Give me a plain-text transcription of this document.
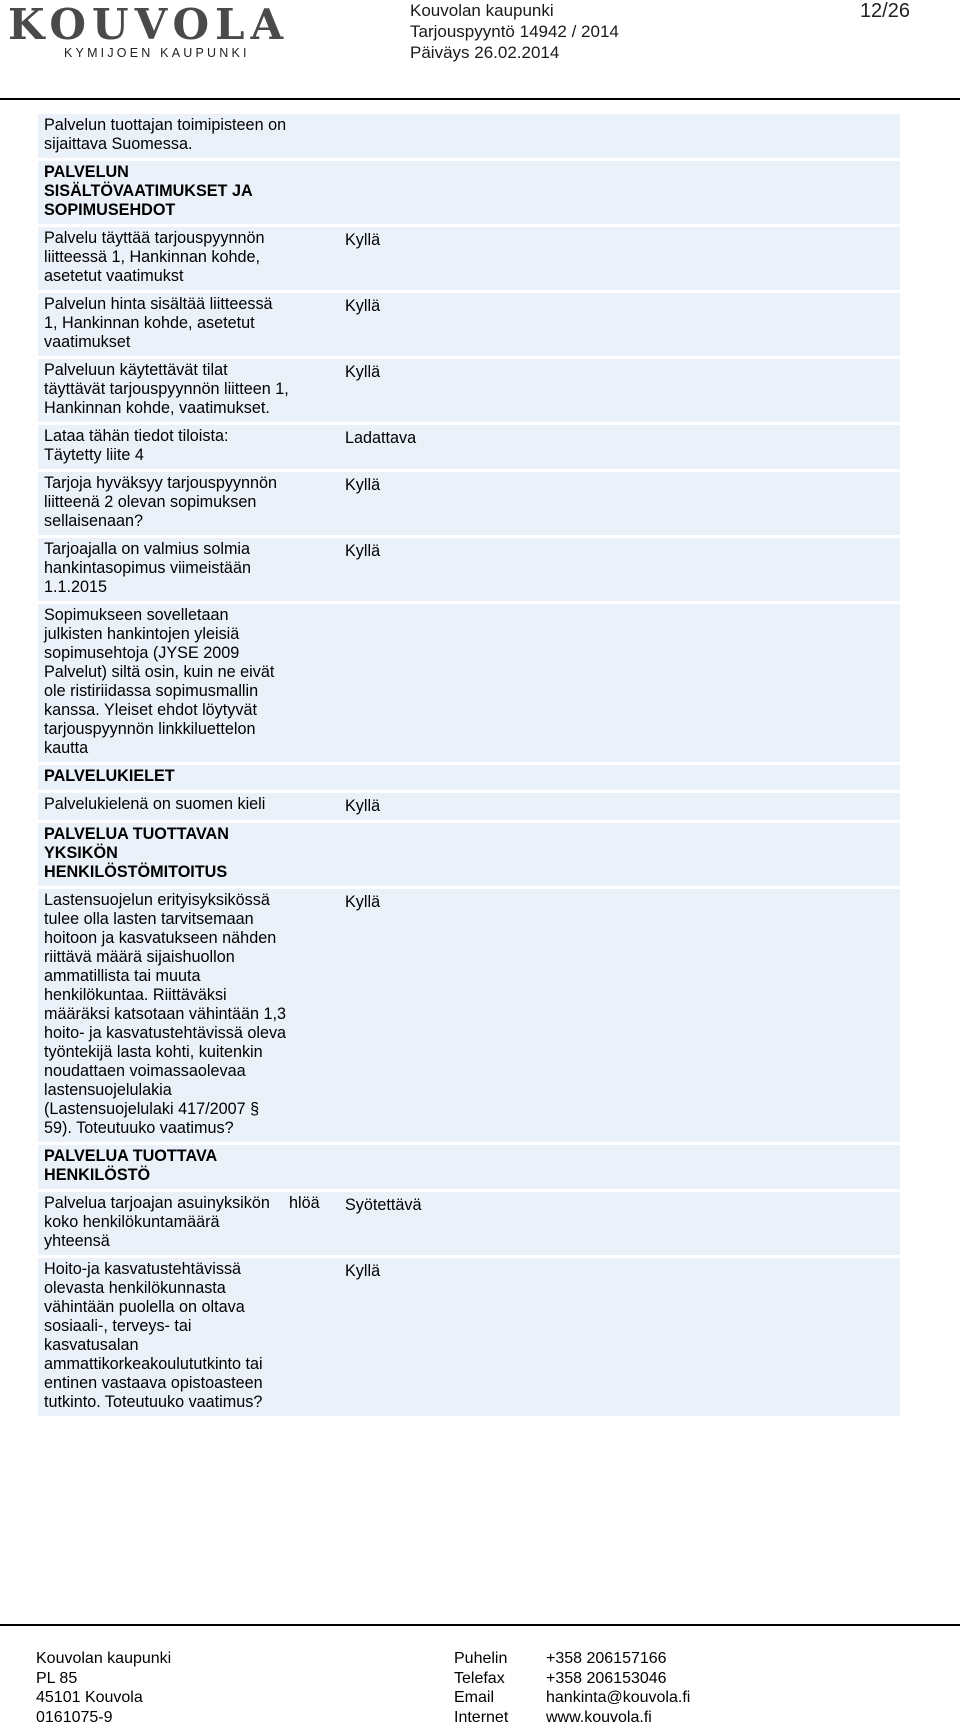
KOUVOLA
KYMIJOEN KAUPUNKI
Kouvolan kaupunki
Tarjouspyyntö 14942 / 2014
Päiväys 26.02.2014
12/26
Palvelun tuottajan toimipisteen on sijaittava Suomessa.
PALVELUN SISÄLTÖVAATIMUKSET JA SOPIMUSEHDOT
Palvelu täyttää tarjouspyynnön liitteessä 1, Hankinnan kohde, asetetut vaatimukst
Kyllä
Palvelun hinta sisältää liitteessä 1, Hankinnan kohde, asetetut vaatimukset
Kyllä
Palveluun käytettävät tilat täyttävät tarjouspyynnön liitteen 1, Hankinnan kohde, vaatimukset.
Kyllä
Lataa tähän tiedot tiloista: Täytetty liite 4
Ladattava
Tarjoja hyväksyy tarjouspyynnön liitteenä 2 olevan sopimuksen sellaisenaan?
Kyllä
Tarjoajalla on valmius solmia hankintasopimus viimeistään 1.1.2015
Kyllä
Sopimukseen sovelletaan julkisten hankintojen yleisiä sopimusehtoja (JYSE 2009 Palvelut) siltä osin, kuin ne eivät ole ristiriidassa sopimusmallin kanssa. Yleiset ehdot löytyvät tarjouspyynnön linkkiluettelon kautta
PALVELUKIELET
Palvelukielenä on suomen kieli	Kyllä
PALVELUA TUOTTAVAN YKSIKÖN HENKILÖSTÖMITOITUS
Lastensuojelun erityisyksikössä tulee olla lasten tarvitsemaan hoitoon ja kasvatukseen nähden riittävä määrä sijaishuollon ammatillista tai muuta henkilökuntaa. Riittäväksi määräksi katsotaan vähintään 1,3 hoito- ja kasvatustehtävissä oleva työntekijä lasta kohti, kuitenkin noudattaen voimassaolevaa lastensuojelulakia (Lastensuojelulaki 417/2007 § 59). Toteutuuko vaatimus?
Kyllä
PALVELUA TUOTTAVA HENKILÖSTÖ
Palvelua tarjoajan asuinyksikön koko henkilökuntamäärä yhteensä
hlöä	Syötettävä
Hoito-ja kasvatustehtävissä olevasta henkilökunnasta vähintään puolella on oltava sosiaali-, terveys- tai kasvatusalan ammattikorkeakoulututkinto tai entinen vastaava opistoasteen tutkinto. Toteutuuko vaatimus?
Kyllä
Kouvolan kaupunki
PL 85
45101 Kouvola
0161075-9
Puhelin
Telefax
Email
Internet
+358 206157166
+358 206153046
hankinta@kouvola.fi
www.kouvola.fi
